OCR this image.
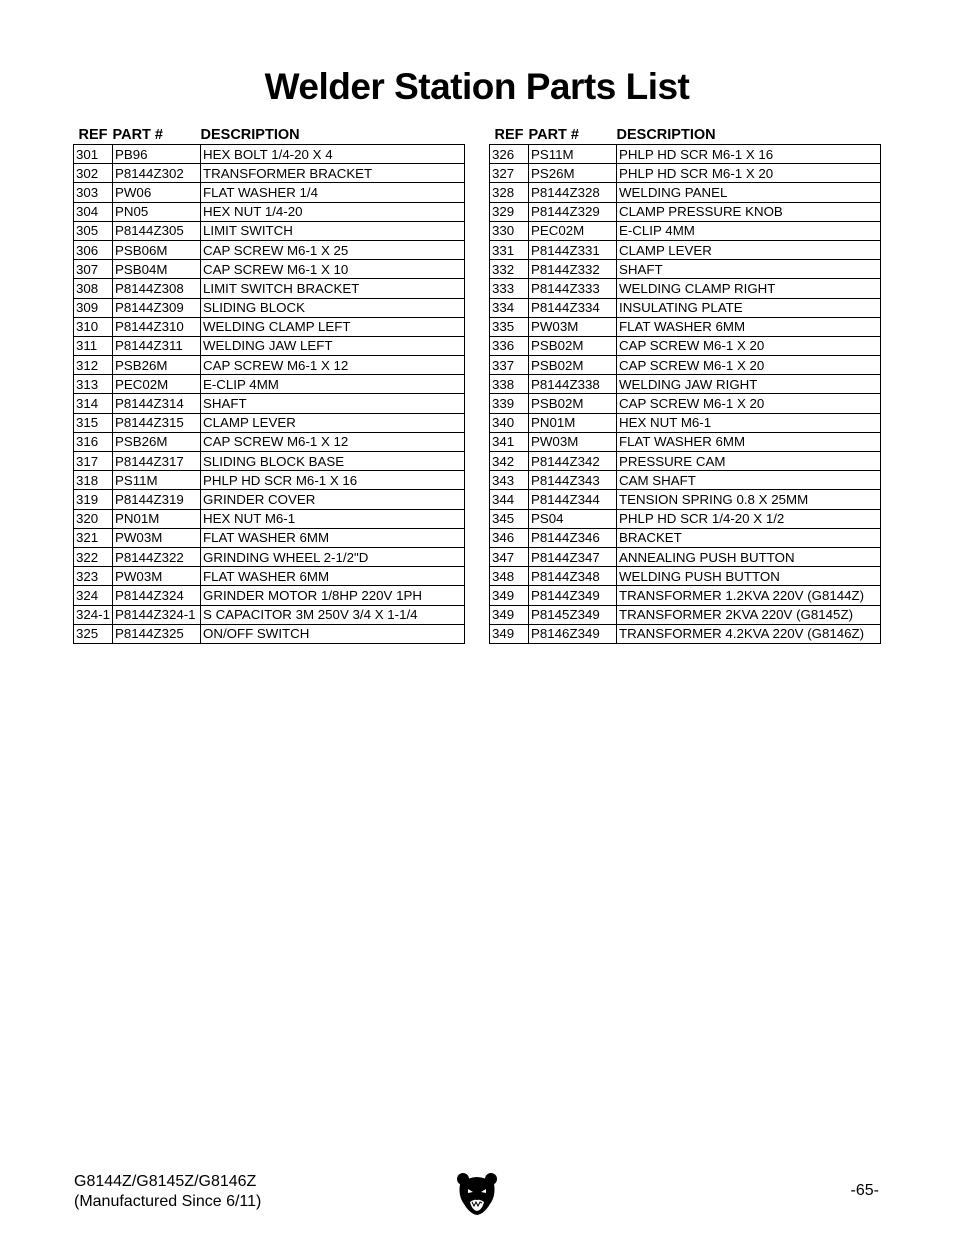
Welder Station Parts List
REF	PART #	DESCRIPTION
301	PB96	HEX BOLT 1/4-20 X 4
302	P8144Z302	TRANSFORMER BRACKET
303	PW06	FLAT WASHER 1/4
304	PN05	HEX NUT 1/4-20
305	P8144Z305	LIMIT SWITCH
306	PSB06M	CAP SCREW M6-1 X 25
307	PSB04M	CAP SCREW M6-1 X 10
308	P8144Z308	LIMIT SWITCH BRACKET
309	P8144Z309	SLIDING BLOCK
310	P8144Z310	WELDING CLAMP LEFT
311	P8144Z311	WELDING JAW LEFT
312	PSB26M	CAP SCREW M6-1 X 12
313	PEC02M	E-CLIP 4MM
314	P8144Z314	SHAFT
315	P8144Z315	CLAMP LEVER
316	PSB26M	CAP SCREW M6-1 X 12
317	P8144Z317	SLIDING BLOCK BASE
318	PS11M	PHLP HD SCR M6-1 X 16
319	P8144Z319	GRINDER COVER
320	PN01M	HEX NUT M6-1
321	PW03M	FLAT WASHER 6MM
322	P8144Z322	GRINDING WHEEL 2-1/2"D
323	PW03M	FLAT WASHER 6MM
324	P8144Z324	GRINDER MOTOR 1/8HP 220V 1PH
324-1	P8144Z324-1	S CAPACITOR 3M 250V 3/4 X 1-1/4
325	P8144Z325	ON/OFF SWITCH
REF	PART #	DESCRIPTION
326	PS11M	PHLP HD SCR M6-1 X 16
327	PS26M	PHLP HD SCR M6-1 X 20
328	P8144Z328	WELDING PANEL
329	P8144Z329	CLAMP PRESSURE KNOB
330	PEC02M	E-CLIP 4MM
331	P8144Z331	CLAMP LEVER
332	P8144Z332	SHAFT
333	P8144Z333	WELDING CLAMP RIGHT
334	P8144Z334	INSULATING PLATE
335	PW03M	FLAT WASHER 6MM
336	PSB02M	CAP SCREW M6-1 X 20
337	PSB02M	CAP SCREW M6-1 X 20
338	P8144Z338	WELDING JAW RIGHT
339	PSB02M	CAP SCREW M6-1 X 20
340	PN01M	HEX NUT M6-1
341	PW03M	FLAT WASHER 6MM
342	P8144Z342	PRESSURE CAM
343	P8144Z343	CAM SHAFT
344	P8144Z344	TENSION SPRING 0.8 X 25MM
345	PS04	PHLP HD SCR 1/4-20 X 1/2
346	P8144Z346	BRACKET
347	P8144Z347	ANNEALING PUSH BUTTON
348	P8144Z348	WELDING PUSH BUTTON
349	P8144Z349	TRANSFORMER 1.2KVA 220V (G8144Z)
349	P8145Z349	TRANSFORMER 2KVA 220V (G8145Z)
349	P8146Z349	TRANSFORMER 4.2KVA 220V (G8146Z)
G8144Z/G8145Z/G8146Z
(Manufactured Since 6/11)
-65-
